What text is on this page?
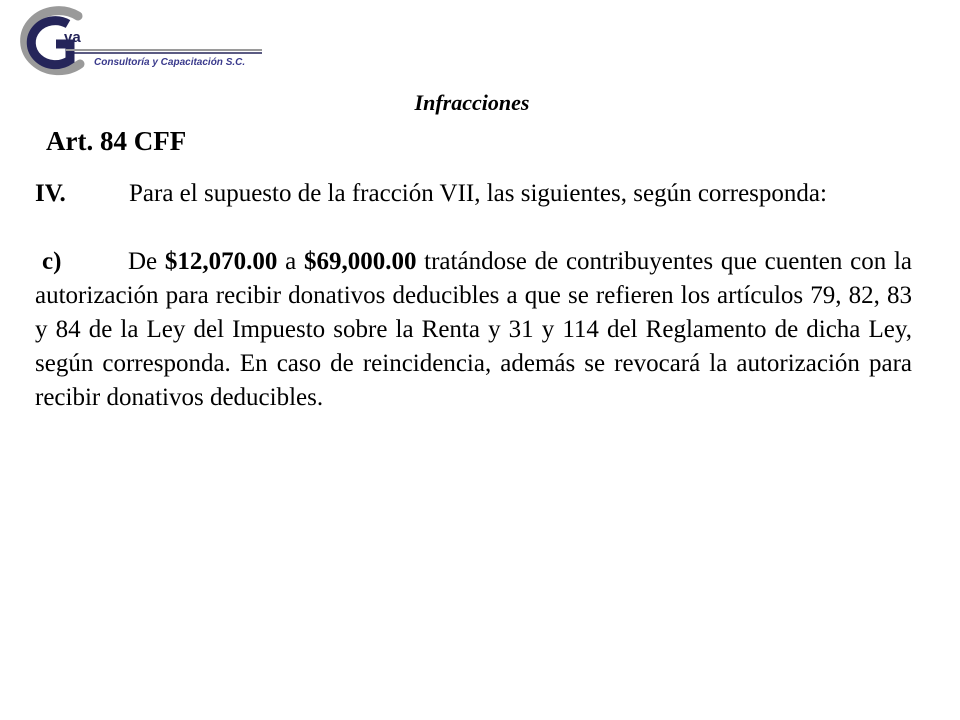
va
Consultoría y Capacitación S.C.
Infracciones
Art. 84 CFF

IV.	Para el supuesto de la fracción VII, las siguientes, según corresponda:

c)	De $12,070.00 a $69,000.00 tratándose de contribuyentes que cuenten con la autorización para recibir donativos deducibles a que se refieren los artículos 79, 82, 83 y 84 de la Ley del Impuesto sobre la Renta y 31 y 114 del Reglamento de dicha Ley, según corresponda. En caso de reincidencia, además se revocará la autorización para recibir donativos deducibles.
